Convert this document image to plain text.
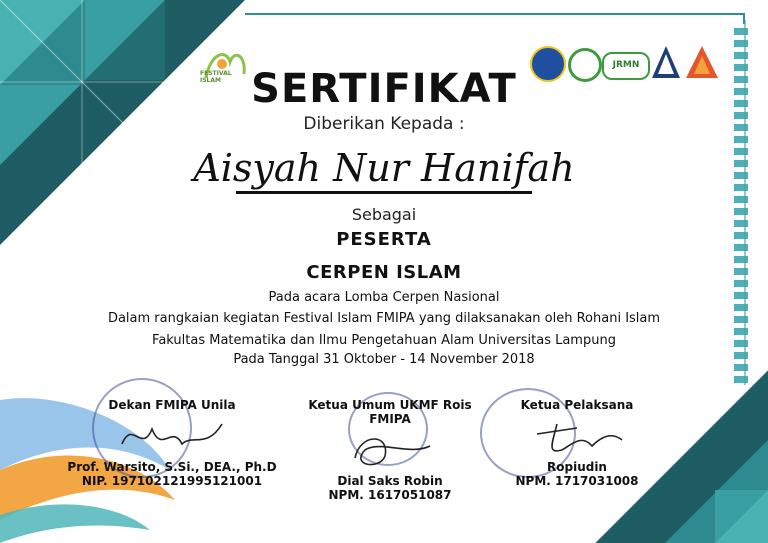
FESTIVAL ISLAM
JRMN
SERTIFIKAT
Diberikan Kepada :
Aisyah Nur Hanifah
Sebagai
PESERTA
CERPEN ISLAM
Pada acara Lomba Cerpen Nasional
Dalam rangkaian kegiatan Festival Islam FMIPA yang dilaksanakan oleh Rohani Islam
Fakultas Matematika dan Ilmu Pengetahuan Alam Universitas Lampung
Pada Tanggal 31 Oktober - 14 November 2018
Dekan FMIPA Unila
Prof. Warsito, S.Si., DEA., Ph.D
NIP. 197102121995121001
Ketua Umum UKMF Rois FMIPA
Dial Saks Robin
NPM. 1617051087
Ketua Pelaksana
Ropiudin
NPM. 1717031008
